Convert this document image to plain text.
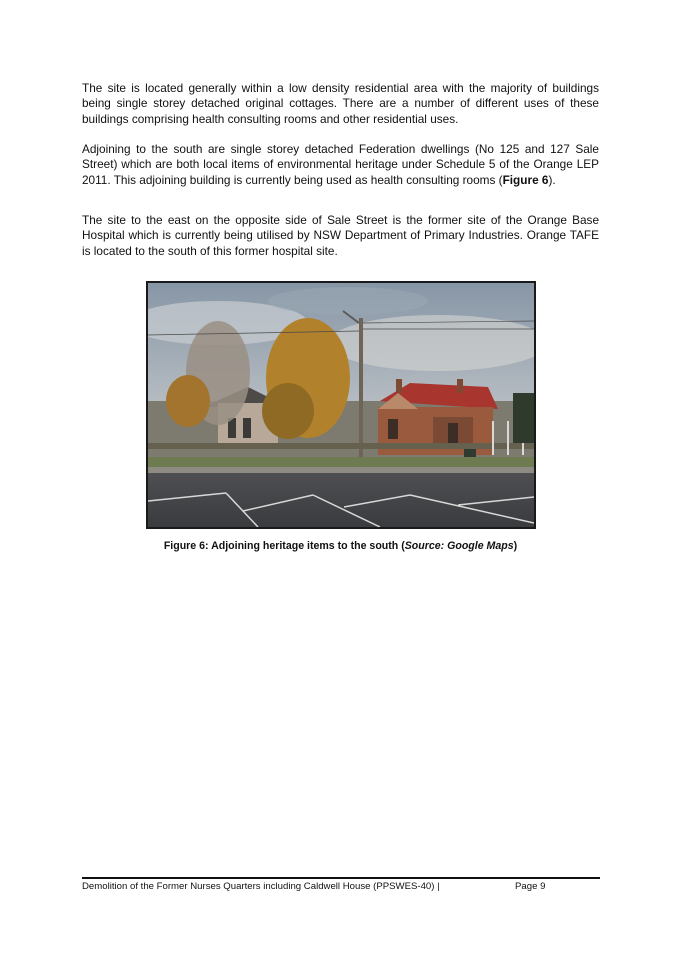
The site is located generally within a low density residential area with the majority of buildings being single storey detached original cottages. There are a number of different uses of these buildings comprising health consulting rooms and other residential uses.

Adjoining to the south are single storey detached Federation dwellings (No 125 and 127 Sale Street) which are both local items of environmental heritage under Schedule 5 of the Orange LEP 2011. This adjoining building is currently being used as health consulting rooms (Figure 6).

The site to the east on the opposite side of Sale Street is the former site of the Orange Base Hospital which is currently being utilised by NSW Department of Primary Industries. Orange TAFE is located to the south of this former hospital site.

Figure 6: Adjoining heritage items to the south (Source: Google Maps)

Demolition of the Former Nurses Quarters including Caldwell House (PPSWES-40) |	Page 9
